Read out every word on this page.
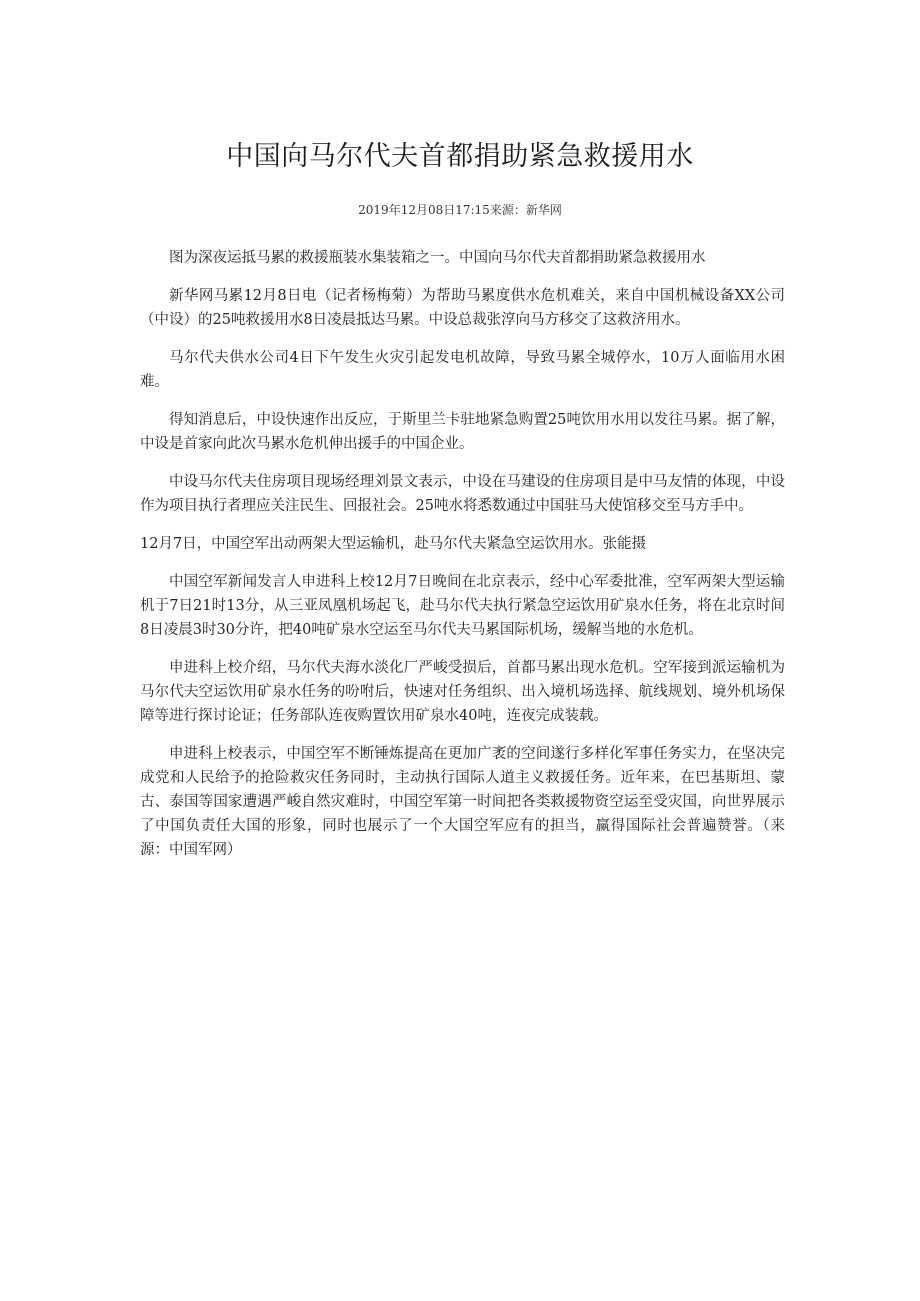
中国向马尔代夫首都捐助紧急救援用水
2019年12月08日17:15来源：新华网

图为深夜运抵马累的救援瓶装水集装箱之一。中国向马尔代夫首都捐助紧急救援用水

新华网马累12月8日电（记者杨梅菊）为帮助马累度供水危机难关，来自中国机械设备XX公司（中设）的25吨救援用水8日凌晨抵达马累。中设总裁张淳向马方移交了这救济用水。

马尔代夫供水公司4日下午发生火灾引起发电机故障，导致马累全城停水，10万人面临用水困难。

得知消息后，中设快速作出反应，于斯里兰卡驻地紧急购置25吨饮用水用以发往马累。据了解，中设是首家向此次马累水危机伸出援手的中国企业。

中设马尔代夫住房项目现场经理刘景文表示，中设在马建设的住房项目是中马友情的体现，中设作为项目执行者理应关注民生、回报社会。25吨水将悉数通过中国驻马大使馆移交至马方手中。

12月7日，中国空军出动两架大型运输机，赴马尔代夫紧急空运饮用水。张能摄

中国空军新闻发言人申进科上校12月7日晚间在北京表示，经中心军委批准，空军两架大型运输机于7日21时13分，从三亚凤凰机场起飞，赴马尔代夫执行紧急空运饮用矿泉水任务，将在北京时间8日凌晨3时30分许，把40吨矿泉水空运至马尔代夫马累国际机场，缓解当地的水危机。

申进科上校介绍，马尔代夫海水淡化厂严峻受损后，首都马累出现水危机。空军接到派运输机为马尔代夫空运饮用矿泉水任务的吩咐后，快速对任务组织、出入境机场选择、航线规划、境外机场保障等进行探讨论证；任务部队连夜购置饮用矿泉水40吨，连夜完成装载。

申进科上校表示，中国空军不断锤炼提高在更加广袤的空间遂行多样化军事任务实力，在坚决完成党和人民给予的抢险救灾任务同时，主动执行国际人道主义救援任务。近年来，在巴基斯坦、蒙古、泰国等国家遭遇严峻自然灾难时，中国空军第一时间把各类救援物资空运至受灾国，向世界展示了中国负责任大国的形象，同时也展示了一个大国空军应有的担当，赢得国际社会普遍赞誉。（来源：中国军网）
